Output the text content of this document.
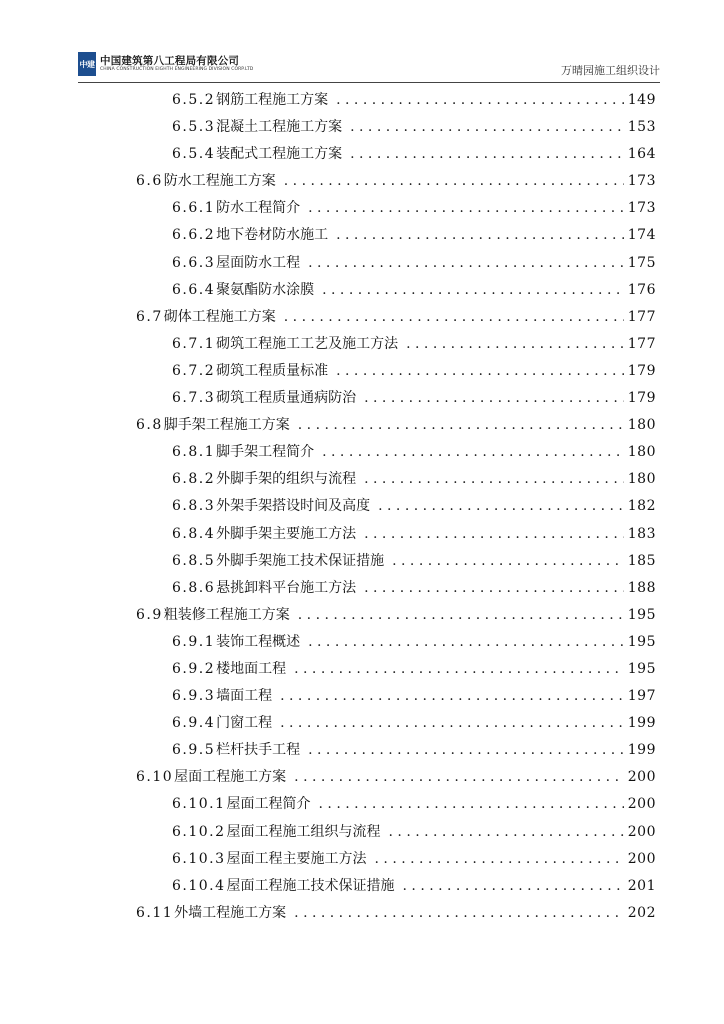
中建 中国建筑第八工程局有限公司
CHINA CONSTRUCTION EIGHTH ENGINEERING DIVISION CORP.LTD	万晴园施工组织设计
6.5.2 钢筋工程施工方案 . . .	149
6.5.3 混凝土工程施工方案 . . .	153
6.5.4 装配式工程施工方案 . . .	164
6.6 防水工程施工方案 . . .	173
6.6.1 防水工程简介 . . .	173
6.6.2 地下卷材防水施工 . . .	174
6.6.3 屋面防水工程 . . .	175
6.6.4 聚氨酯防水涂膜 . . .	176
6.7 砌体工程施工方案 . . .	177
6.7.1 砌筑工程施工工艺及施工方法 . . .	177
6.7.2 砌筑工程质量标准 . . .	179
6.7.3 砌筑工程质量通病防治 . . .	179
6.8 脚手架工程施工方案 . . .	180
6.8.1 脚手架工程简介 . . .	180
6.8.2 外脚手架的组织与流程 . . .	180
6.8.3 外架手架搭设时间及高度 . . .	182
6.8.4 外脚手架主要施工方法 . . .	183
6.8.5 外脚手架施工技术保证措施 . . .	185
6.8.6 悬挑卸料平台施工方法 . . .	188
6.9 粗装修工程施工方案 . . .	195
6.9.1 装饰工程概述 . . .	195
6.9.2 楼地面工程 . . .	195
6.9.3 墙面工程 . . .	197
6.9.4 门窗工程 . . .	199
6.9.5 栏杆扶手工程 . . .	199
6.10 屋面工程施工方案 . . .	200
6.10.1 屋面工程简介 . . .	200
6.10.2 屋面工程施工组织与流程 . . .	200
6.10.3 屋面工程主要施工方法 . . .	200
6.10.4 屋面工程施工技术保证措施 . . .	201
6.11 外墙工程施工方案 . . .	202
